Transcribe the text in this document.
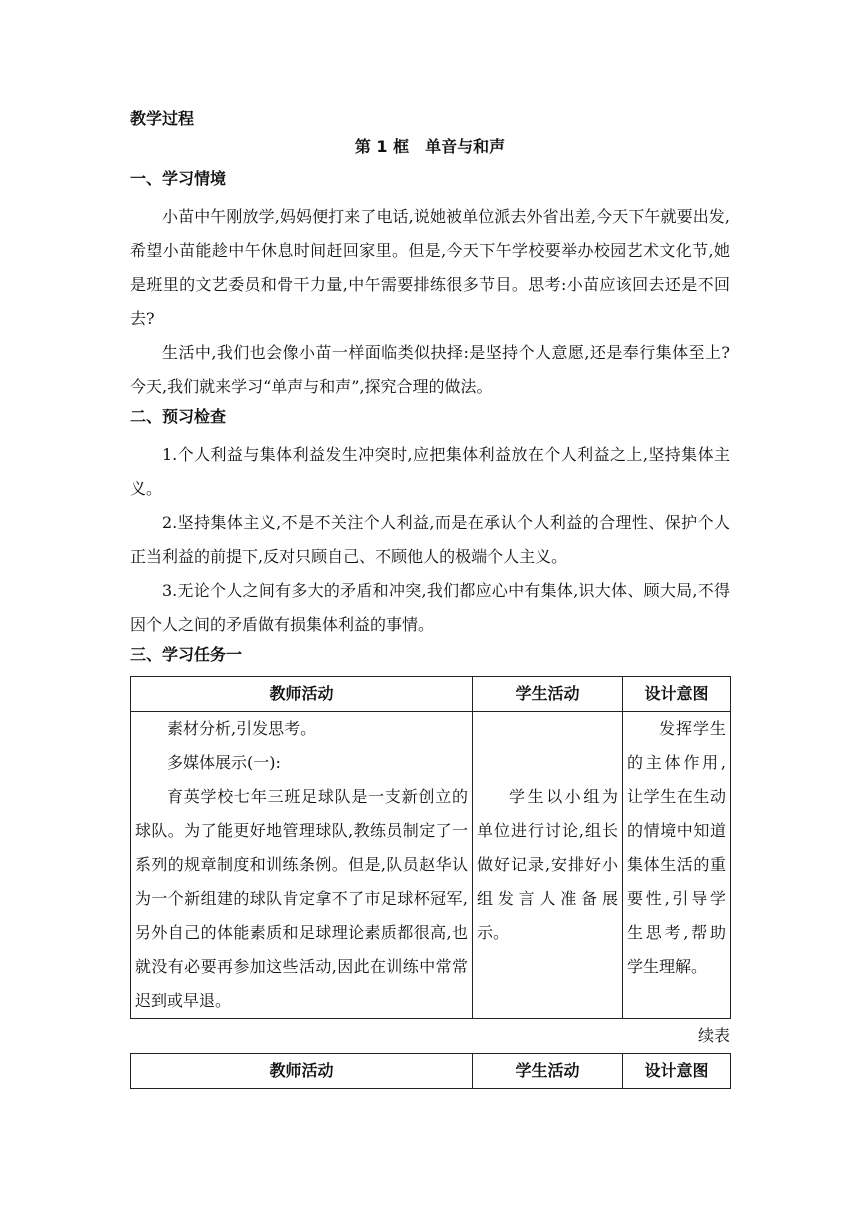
教学过程
第 1 框　单音与和声
一、学习情境

小苗中午刚放学,妈妈便打来了电话,说她被单位派去外省出差,今天下午就要出发,希望小苗能趁中午休息时间赶回家里。但是,今天下午学校要举办校园艺术文化节,她是班里的文艺委员和骨干力量,中午需要排练很多节目。思考:小苗应该回去还是不回去?

生活中,我们也会像小苗一样面临类似抉择:是坚持个人意愿,还是奉行集体至上? 今天,我们就来学习“单声与和声”,探究合理的做法。

二、预习检查

1.个人利益与集体利益发生冲突时,应把集体利益放在个人利益之上,坚持集体主义。

2.坚持集体主义,不是不关注个人利益,而是在承认个人利益的合理性、保护个人正当利益的前提下,反对只顾自己、不顾他人的极端个人主义。

3.无论个人之间有多大的矛盾和冲突,我们都应心中有集体,识大体、顾大局,不得因个人之间的矛盾做有损集体利益的事情。

三、学习任务一
教师活动	学生活动	设计意图

素材分析,引发思考。

多媒体展示(一):

育英学校七年三班足球队是一支新创立的球队。为了能更好地管理球队,教练员制定了一系列的规章制度和训练条例。但是,队员赵华认为一个新组建的球队肯定拿不了市足球杯冠军,另外自己的体能素质和足球理论素质都很高,也就没有必要再参加这些活动,因此在训练中常常迟到或早退。	学生以小组为单位进行讨论,组长做好记录,安排好小组发言人准备展示。	发挥学生的主体作用,让学生在生动的情境中知道集体生活的重要性,引导学生思考,帮助学生理解。

续表
教师活动	学生活动	设计意图
